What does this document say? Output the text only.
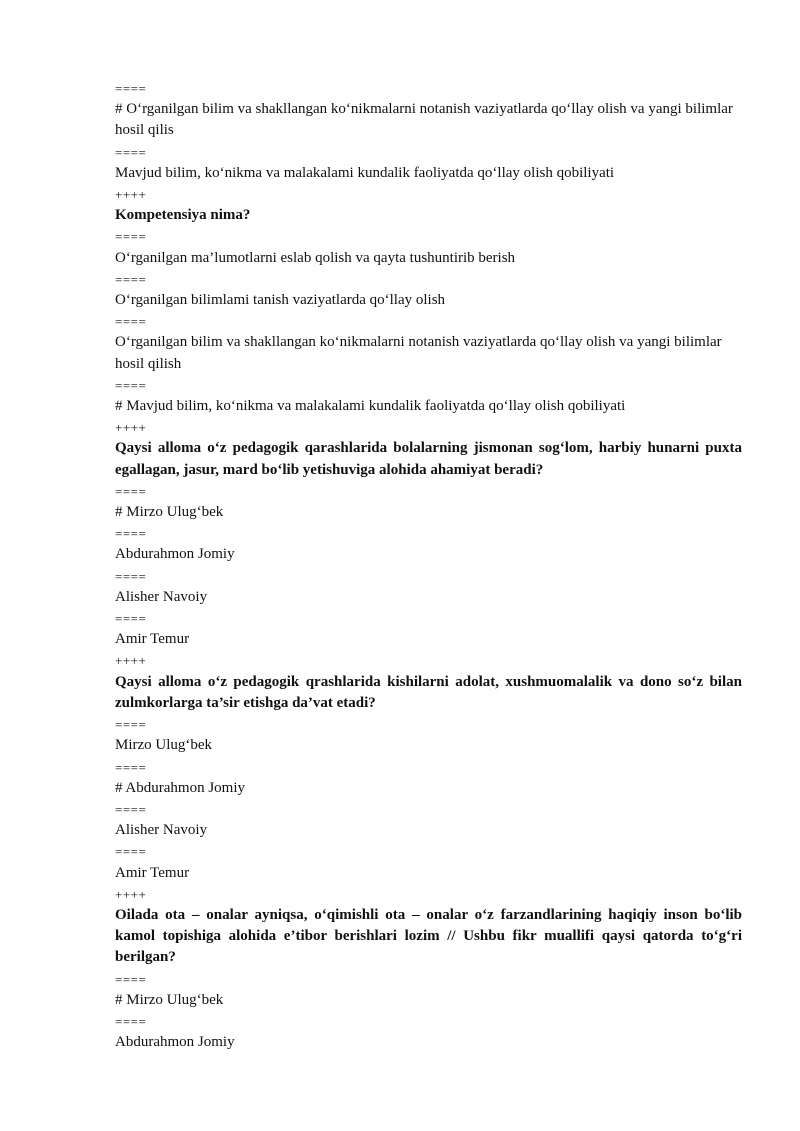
====

# O‘rganilgan bilim va shakllangan ko‘nikmalarni notanish vaziyatlarda qo‘llay olish va yangi bilimlar hosil qilis

====

Mavjud bilim, ko‘nikma va malakalami kundalik faoliyatda qo‘llay olish qobiliyati

++++

Kompetensiya nima?

====

O‘rganilgan ma’lumotlarni eslab qolish va qayta tushuntirib berish

====

O‘rganilgan bilimlami tanish vaziyatlarda qo‘llay olish

====

O‘rganilgan bilim va shakllangan ko‘nikmalarni notanish vaziyatlarda qo‘llay olish va yangi bilimlar hosil qilish

====

# Mavjud bilim, ko‘nikma va malakalami kundalik faoliyatda qo‘llay olish qobiliyati

++++

Qaysi alloma o‘z pedagogik qarashlarida bolalarning jismonan sog‘lom, harbiy hunarni puxta egallagan, jasur, mard bo‘lib yetishuviga alohida ahamiyat beradi?

====

# Mirzo Ulug‘bek

====

Abdurahmon Jomiy

====

Alisher Navoiy

====

Amir Temur

++++

Qaysi alloma o‘z pedagogik qrashlarida kishilarni adolat, xushmuomalalik va dono so‘z bilan zulmkorlarga ta’sir etishga da’vat etadi?

====

Mirzo Ulug‘bek

====

# Abdurahmon Jomiy

====

Alisher Navoiy

====

Amir Temur

++++

Oilada ota – onalar ayniqsa, o‘qimishli ota – onalar o‘z farzandlarining haqiqiy inson bo‘lib kamol topishiga alohida e’tibor berishlari lozim // Ushbu fikr muallifi qaysi qatorda to‘g‘ri berilgan?

====

# Mirzo Ulug‘bek

====

Abdurahmon Jomiy
